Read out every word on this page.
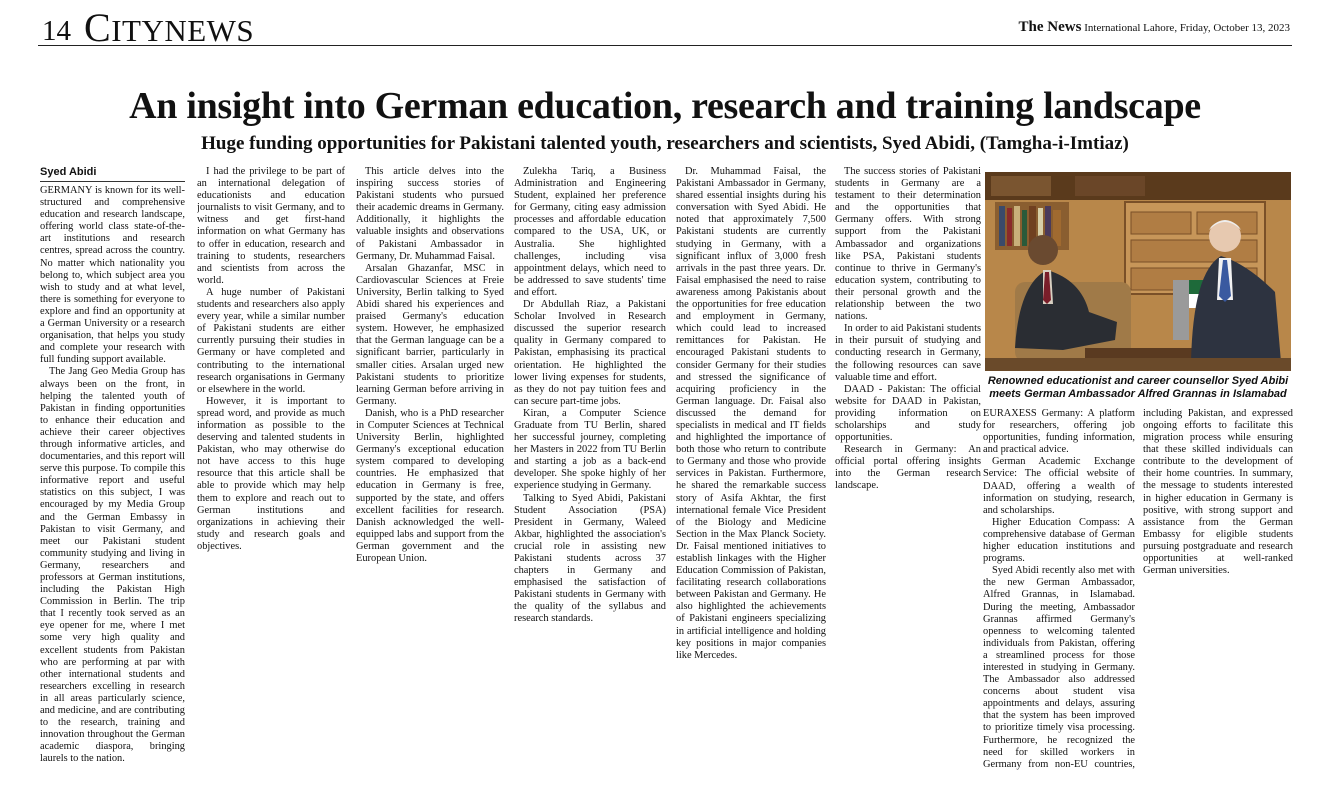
14 CITYNEWS	The News International Lahore, Friday, October 13, 2023
An insight into German education, research and training landscape
Huge funding opportunities for Pakistani talented youth, researchers and scientists, Syed Abidi, (Tamgha-i-Imtiaz)
Syed Abidi

GERMANY is known for its well-structured and comprehensive education and research landscape, offering world class state-of-the-art institutions and research centres, spread across the country. No matter which nationality you belong to, which subject area you wish to study and at what level, there is something for everyone to explore and find an opportunity at a German University or a research organisation, that helps you study and complete your research with full funding support available.

The Jang Geo Media Group has always been on the front, in helping the talented youth of Pakistan in finding opportunities to enhance their education and achieve their career objectives through informative articles, and documentaries, and this report will serve this purpose. To compile this informative report and useful statistics on this subject, I was encouraged by my Media Group and the German Embassy in Pakistan to visit Germany, and meet our Pakistani student community studying and living in Germany, researchers and professors at German institutions, including the Pakistan High Commission in Berlin. The trip that I recently took served as an eye opener for me, where I met some very high quality and excellent students from Pakistan who are performing at par with other international students and researchers excelling in research in all areas particularly science, and medicine, and are contributing to the research, training and innovation throughout the German academic diaspora, bringing laurels to the nation.

I had the privilege to be part of an international delegation of educationists and education journalists to visit Germany, and to witness and get first-hand information on what Germany has to offer in education, research and training to students, researchers and scientists from across the world.

A huge number of Pakistani students and researchers also apply every year, while a similar number of Pakistani students are either currently pursuing their studies in Germany or have completed and contributing to the international research organisations in Germany or elsewhere in the world.

However, it is important to spread word, and provide as much information as possible to the deserving and talented students in Pakistan, who may otherwise do not have access to this huge resource that this article shall be able to provide which may help them to explore and reach out to German institutions and organizations in achieving their study and research goals and objectives.

This article delves into the inspiring success stories of Pakistani students who pursued their academic dreams in Germany. Additionally, it highlights the valuable insights and observations of Pakistani Ambassador in Germany, Dr. Muhammad Faisal.

Arsalan Ghazanfar, MSC in Cardiovascular Sciences at Freie University, Berlin talking to Syed Abidi shared his experiences and praised Germany's education system. However, he emphasized that the German language can be a significant barrier, particularly in smaller cities. Arsalan urged new Pakistani students to prioritize learning German before arriving in Germany.

Danish, who is a PhD researcher in Computer Sciences at Technical University Berlin, highlighted Germany's exceptional education system compared to developing countries. He emphasized that education in Germany is free, supported by the state, and offers excellent facilities for research. Danish acknowledged the well-equipped labs and support from the German government and the European Union.

Zulekha Tariq, a Business Administration and Engineering Student, explained her preference for Germany, citing easy admission processes and affordable education compared to the USA, UK, or Australia. She highlighted challenges, including visa appointment delays, which need to be addressed to save students' time and effort.

Dr Abdullah Riaz, a Pakistani Scholar Involved in Research discussed the superior research quality in Germany compared to Pakistan, emphasising its practical orientation. He highlighted the lower living expenses for students, as they do not pay tuition fees and can secure part-time jobs.

Kiran, a Computer Science Graduate from TU Berlin, shared her successful journey, completing her Masters in 2022 from TU Berlin and starting a job as a back-end developer. She spoke highly of her experience studying in Germany.

Talking to Syed Abidi, Pakistani Student Association (PSA) President in Germany, Waleed Akbar, highlighted the association's crucial role in assisting new Pakistani students across 37 chapters in Germany and emphasised the satisfaction of Pakistani students in Germany with the quality of the syllabus and research standards.

Dr. Muhammad Faisal, the Pakistani Ambassador in Germany, shared essential insights during his conversation with Syed Abidi. He noted that approximately 7,500 Pakistani students are currently studying in Germany, with a significant influx of 3,000 fresh arrivals in the past three years. Dr. Faisal emphasised the need to raise awareness among Pakistanis about the opportunities for free education and employment in Germany, which could lead to increased remittances for Pakistan. He encouraged Pakistani students to consider Germany for their studies and stressed the significance of acquiring proficiency in the German language. Dr. Faisal also discussed the demand for specialists in medical and IT fields and highlighted the importance of both those who return to contribute to Germany and those who provide services in Pakistan. Furthermore, he shared the remarkable success story of Asifa Akhtar, the first international female Vice President of the Biology and Medicine Section in the Max Planck Society. Dr. Faisal mentioned initiatives to establish linkages with the Higher Education Commission of Pakistan, facilitating research collaborations between Pakistan and Germany. He also highlighted the achievements of Pakistani engineers specializing in artificial intelligence and holding key positions in major companies like Mercedes.

The success stories of Pakistani students in Germany are a testament to their determination and the opportunities that Germany offers. With strong support from the Pakistani Ambassador and organizations like PSA, Pakistani students continue to thrive in Germany's education system, contributing to their personal growth and the relationship between the two nations.

In order to aid Pakistani students in their pursuit of studying and conducting research in Germany, the following resources can save valuable time and effort.

DAAD - Pakistan: The official website for DAAD in Pakistan, providing information on scholarships and study opportunities.

Research in Germany: An official portal offering insights into the German research landscape.

Renowned educationist and career counsellor Syed Abibi meets German Ambassador Alfred Grannas in Islamabad

EURAXESS Germany: A platform for researchers, offering job opportunities, funding information, and practical advice.

German Academic Exchange Service: The official website of DAAD, offering a wealth of information on studying, research, and scholarships.

Higher Education Compass: A comprehensive database of German higher education institutions and programs.

Syed Abidi recently also met with the new German Ambassador, Alfred Grannas, in Islamabad. During the meeting, Ambassador Grannas affirmed Germany's openness to welcoming talented individuals from Pakistan, offering a streamlined process for those interested in studying in Germany. The Ambassador also addressed concerns about student visa appointments and delays, assuring that the system has been improved to prioritize timely visa processing. Furthermore, he recognized the need for skilled workers in Germany from non-EU countries,

including Pakistan, and expressed ongoing efforts to facilitate this migration process while ensuring that these skilled individuals can contribute to the development of their home countries. In summary, the message to students interested in higher education in Germany is positive, with strong support and assistance from the German Embassy for eligible students pursuing postgraduate and research opportunities at well-ranked German universities.
